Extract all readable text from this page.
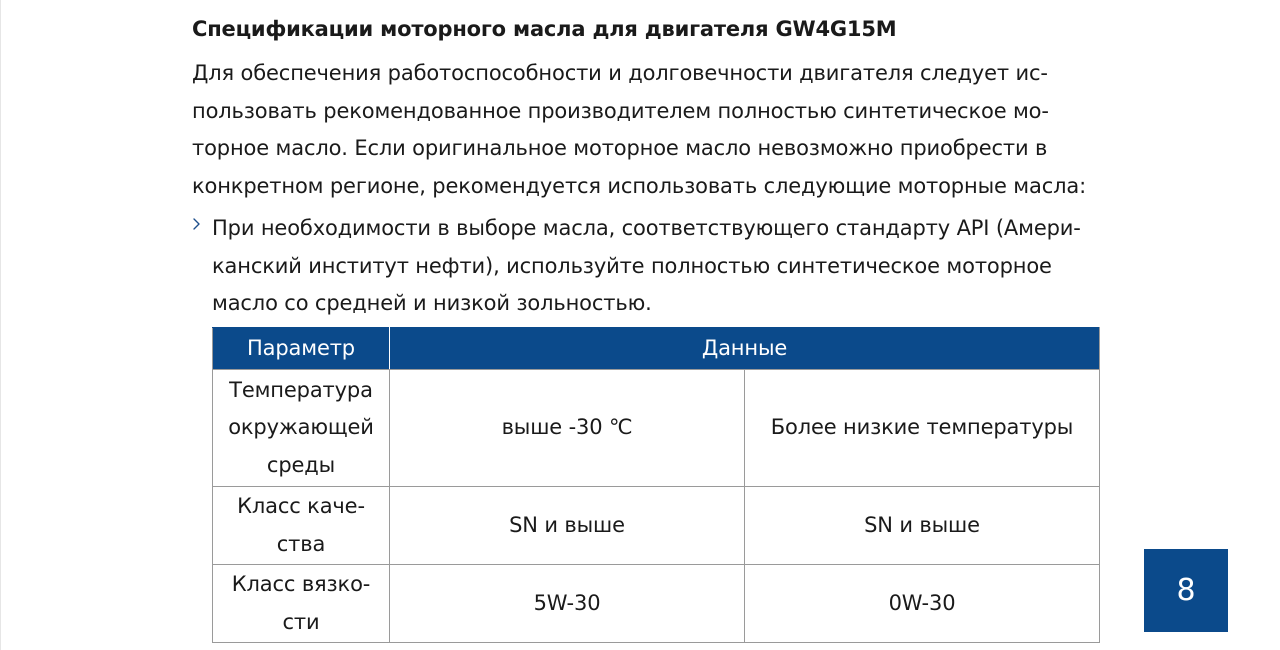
Спецификации моторного масла для двигателя GW4G15M
Для обеспечения работоспособности и долговечности двигателя следует ис-
пользовать рекомендованное производителем полностью синтетическое мо-
торное масло. Если оригинальное моторное масло невозможно приобрести в
конкретном регионе, рекомендуется использовать следующие моторные масла:
При необходимости в выборе масла, соответствующего стандарту API (Амери-
канский институт нефти), используйте полностью синтетическое моторное
масло со средней и низкой зольностью.
Параметр	Данные	

Температура
окружающей
среды	выше -30 ℃	Более низкие температуры

Класс каче-
ства	SN и выше	SN и выше

Класс вязко-
сти	5W-30	0W-30	8
